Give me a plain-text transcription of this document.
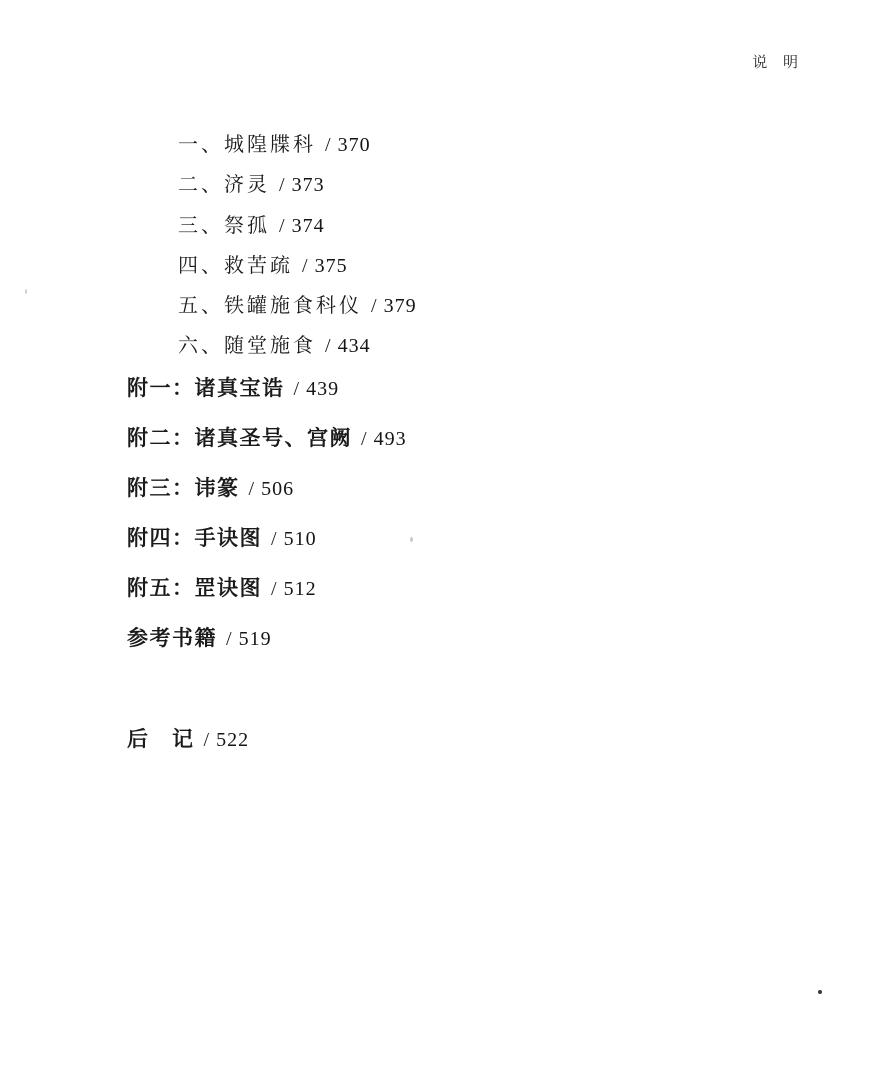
说 明
一、城隍牒科 / 370
二、济灵 / 373
三、祭孤 / 374
四、救苦疏 / 375
五、铁罐施食科仪 / 379
六、随堂施食 / 434
附一：诸真宝诰 / 439
附二：诸真圣号、宫阙 / 493
附三：讳篆 / 506
附四：手诀图 / 510
附五：罡诀图 / 512
参考书籍 / 519
后　记 / 522
